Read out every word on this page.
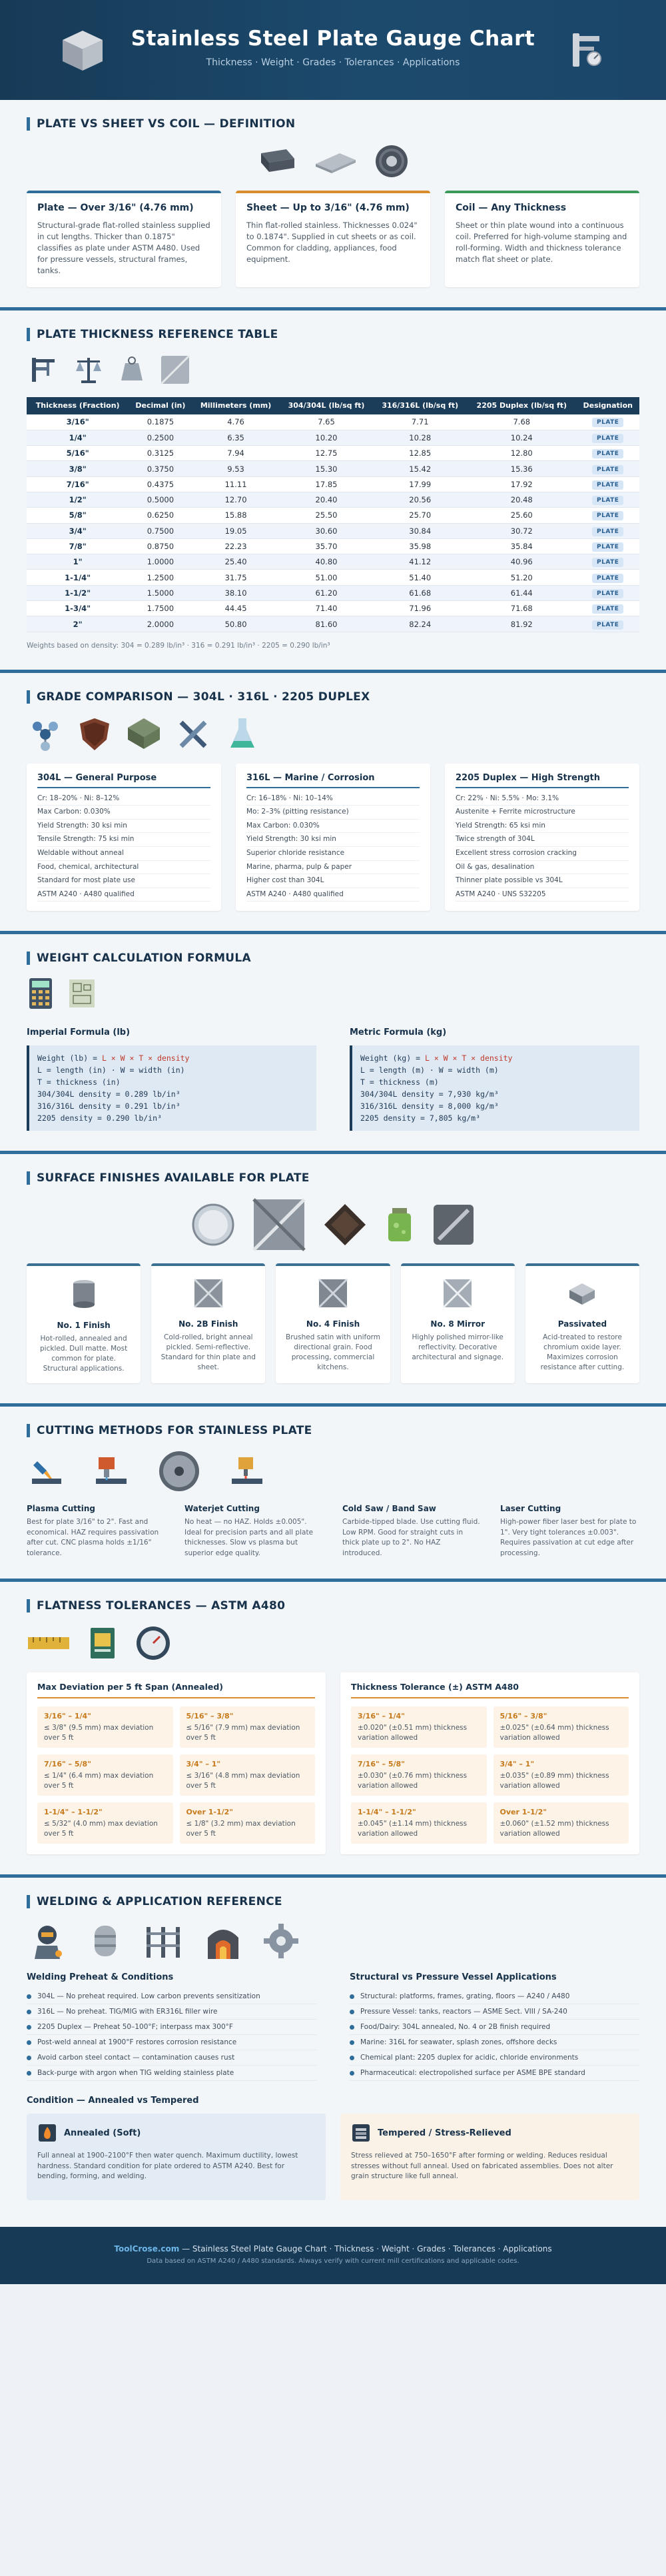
Stainless Steel Plate Gauge Chart
Thickness · Weight · Grades · Tolerances · Applications
PLATE VS SHEET VS COIL — DEFINITION
Plate — Over 3/16" (4.76 mm)

Structural-grade flat-rolled stainless supplied in cut lengths. Thicker than 0.1875" classifies as plate under ASTM A480. Used for pressure vessels, structural frames, tanks.

Sheet — Up to 3/16" (4.76 mm)

Thin flat-rolled stainless. Thicknesses 0.024" to 0.1874". Supplied in cut sheets or as coil. Common for cladding, appliances, food equipment.

Coil — Any Thickness

Sheet or thin plate wound into a continuous coil. Preferred for high-volume stamping and roll-forming. Width and thickness tolerance match flat sheet or plate.

PLATE THICKNESS REFERENCE TABLE
Thickness (Fraction)	Decimal (in)	Millimeters (mm)	304/304L (lb/sq ft)	316/316L (lb/sq ft)	2205 Duplex (lb/sq ft)	Designation
3/16"	0.1875	4.76	7.65	7.71	7.68	PLATE
1/4"	0.2500	6.35	10.20	10.28	10.24	PLATE
5/16"	0.3125	7.94	12.75	12.85	12.80	PLATE
3/8"	0.3750	9.53	15.30	15.42	15.36	PLATE
7/16"	0.4375	11.11	17.85	17.99	17.92	PLATE
1/2"	0.5000	12.70	20.40	20.56	20.48	PLATE
5/8"	0.6250	15.88	25.50	25.70	25.60	PLATE
3/4"	0.7500	19.05	30.60	30.84	30.72	PLATE
7/8"	0.8750	22.23	35.70	35.98	35.84	PLATE
1"	1.0000	25.40	40.80	41.12	40.96	PLATE
1-1/4"	1.2500	31.75	51.00	51.40	51.20	PLATE
1-1/2"	1.5000	38.10	61.20	61.68	61.44	PLATE
1-3/4"	1.7500	44.45	71.40	71.96	71.68	PLATE
2"	2.0000	50.80	81.60	82.24	81.92	PLATE

Weights based on density: 304 = 0.289 lb/in³ · 316 = 0.291 lb/in³ · 2205 = 0.290 lb/in³

GRADE COMPARISON — 304L · 316L · 2205 DUPLEX
304L — General Purpose
Cr: 18–20% · Ni: 8–12%
Max Carbon: 0.030%
Yield Strength: 30 ksi min
Tensile Strength: 75 ksi min
Weldable without anneal
Food, chemical, architectural
Standard for most plate use
ASTM A240 · A480 qualified
316L — Marine / Corrosion
Cr: 16–18% · Ni: 10–14%
Mo: 2–3% (pitting resistance)
Max Carbon: 0.030%
Yield Strength: 30 ksi min
Superior chloride resistance
Marine, pharma, pulp & paper
Higher cost than 304L
ASTM A240 · A480 qualified
2205 Duplex — High Strength
Cr: 22% · Ni: 5.5% · Mo: 3.1%
Austenite + Ferrite microstructure
Yield Strength: 65 ksi min
Twice strength of 304L
Excellent stress corrosion cracking
Oil & gas, desalination
Thinner plate possible vs 304L
ASTM A240 · UNS S32205
WEIGHT CALCULATION FORMULA
Imperial Formula (lb)
Weight (lb) = L × W × T × density
L = length (in) · W = width (in)
T = thickness (in)
304/304L density = 0.289 lb/in³
316/316L density = 0.291 lb/in³
2205 density = 0.290 lb/in³
Metric Formula (kg)
Weight (kg) = L × W × T × density
L = length (m) · W = width (m)
T = thickness (m)
304/304L density = 7,930 kg/m³
316/316L density = 8,000 kg/m³
2205 density = 7,805 kg/m³
SURFACE FINISHES AVAILABLE FOR PLATE
No. 1 Finish

Hot-rolled, annealed and pickled. Dull matte. Most common for plate. Structural applications.

No. 2B Finish

Cold-rolled, bright anneal pickled. Semi-reflective. Standard for thin plate and sheet.

No. 4 Finish

Brushed satin with uniform directional grain. Food processing, commercial kitchens.

No. 8 Mirror

Highly polished mirror-like reflectivity. Decorative architectural and signage.

Passivated

Acid-treated to restore chromium oxide layer. Maximizes corrosion resistance after cutting.

CUTTING METHODS FOR STAINLESS PLATE
Plasma Cutting

Best for plate 3/16" to 2". Fast and economical. HAZ requires passivation after cut. CNC plasma holds ±1/16" tolerance.

Waterjet Cutting

No heat — no HAZ. Holds ±0.005". Ideal for precision parts and all plate thicknesses. Slow vs plasma but superior edge quality.

Cold Saw / Band Saw

Carbide-tipped blade. Use cutting fluid. Low RPM. Good for straight cuts in thick plate up to 2". No HAZ introduced.

Laser Cutting

High-power fiber laser best for plate to 1". Very tight tolerances ±0.003". Requires passivation at cut edge after processing.

FLATNESS TOLERANCES — ASTM A480
Max Deviation per 5 ft Span (Annealed)
3/16" – 1/4"
≤ 3/8" (9.5 mm) max deviation over 5 ft
5/16" – 3/8"
≤ 5/16" (7.9 mm) max deviation over 5 ft
7/16" – 5/8"
≤ 1/4" (6.4 mm) max deviation over 5 ft
3/4" – 1"
≤ 3/16" (4.8 mm) max deviation over 5 ft
1-1/4" – 1-1/2"
≤ 5/32" (4.0 mm) max deviation over 5 ft
Over 1-1/2"
≤ 1/8" (3.2 mm) max deviation over 5 ft
Thickness Tolerance (±) ASTM A480
3/16" – 1/4"
±0.020" (±0.51 mm) thickness variation allowed
5/16" – 3/8"
±0.025" (±0.64 mm) thickness variation allowed
7/16" – 5/8"
±0.030" (±0.76 mm) thickness variation allowed
3/4" – 1"
±0.035" (±0.89 mm) thickness variation allowed
1-1/4" – 1-1/2"
±0.045" (±1.14 mm) thickness variation allowed
Over 1-1/2"
±0.060" (±1.52 mm) thickness variation allowed
WELDING & APPLICATION REFERENCE
Welding Preheat & Conditions
304L — No preheat required. Low carbon prevents sensitization
316L — No preheat. TIG/MIG with ER316L filler wire
2205 Duplex — Preheat 50–100°F; interpass max 300°F
Post-weld anneal at 1900°F restores corrosion resistance
Avoid carbon steel contact — contamination causes rust
Back-purge with argon when TIG welding stainless plate
Structural vs Pressure Vessel Applications
Structural: platforms, frames, grating, floors — A240 / A480
Pressure Vessel: tanks, reactors — ASME Sect. VIII / SA-240
Food/Dairy: 304L annealed, No. 4 or 2B finish required
Marine: 316L for seawater, splash zones, offshore decks
Chemical plant: 2205 duplex for acidic, chloride environments
Pharmaceutical: electropolished surface per ASME BPE standard
Condition — Annealed vs Tempered
Annealed (Soft)

Full anneal at 1900–2100°F then water quench. Maximum ductility, lowest hardness. Standard condition for plate ordered to ASTM A240. Best for bending, forming, and welding.

Tempered / Stress-Relieved

Stress relieved at 750–1650°F after forming or welding. Reduces residual stresses without full anneal. Used on fabricated assemblies. Does not alter grain structure like full anneal.

ToolCrose.com — Stainless Steel Plate Gauge Chart · Thickness · Weight · Grades · Tolerances · Applications
Data based on ASTM A240 / A480 standards. Always verify with current mill certifications and applicable codes.
